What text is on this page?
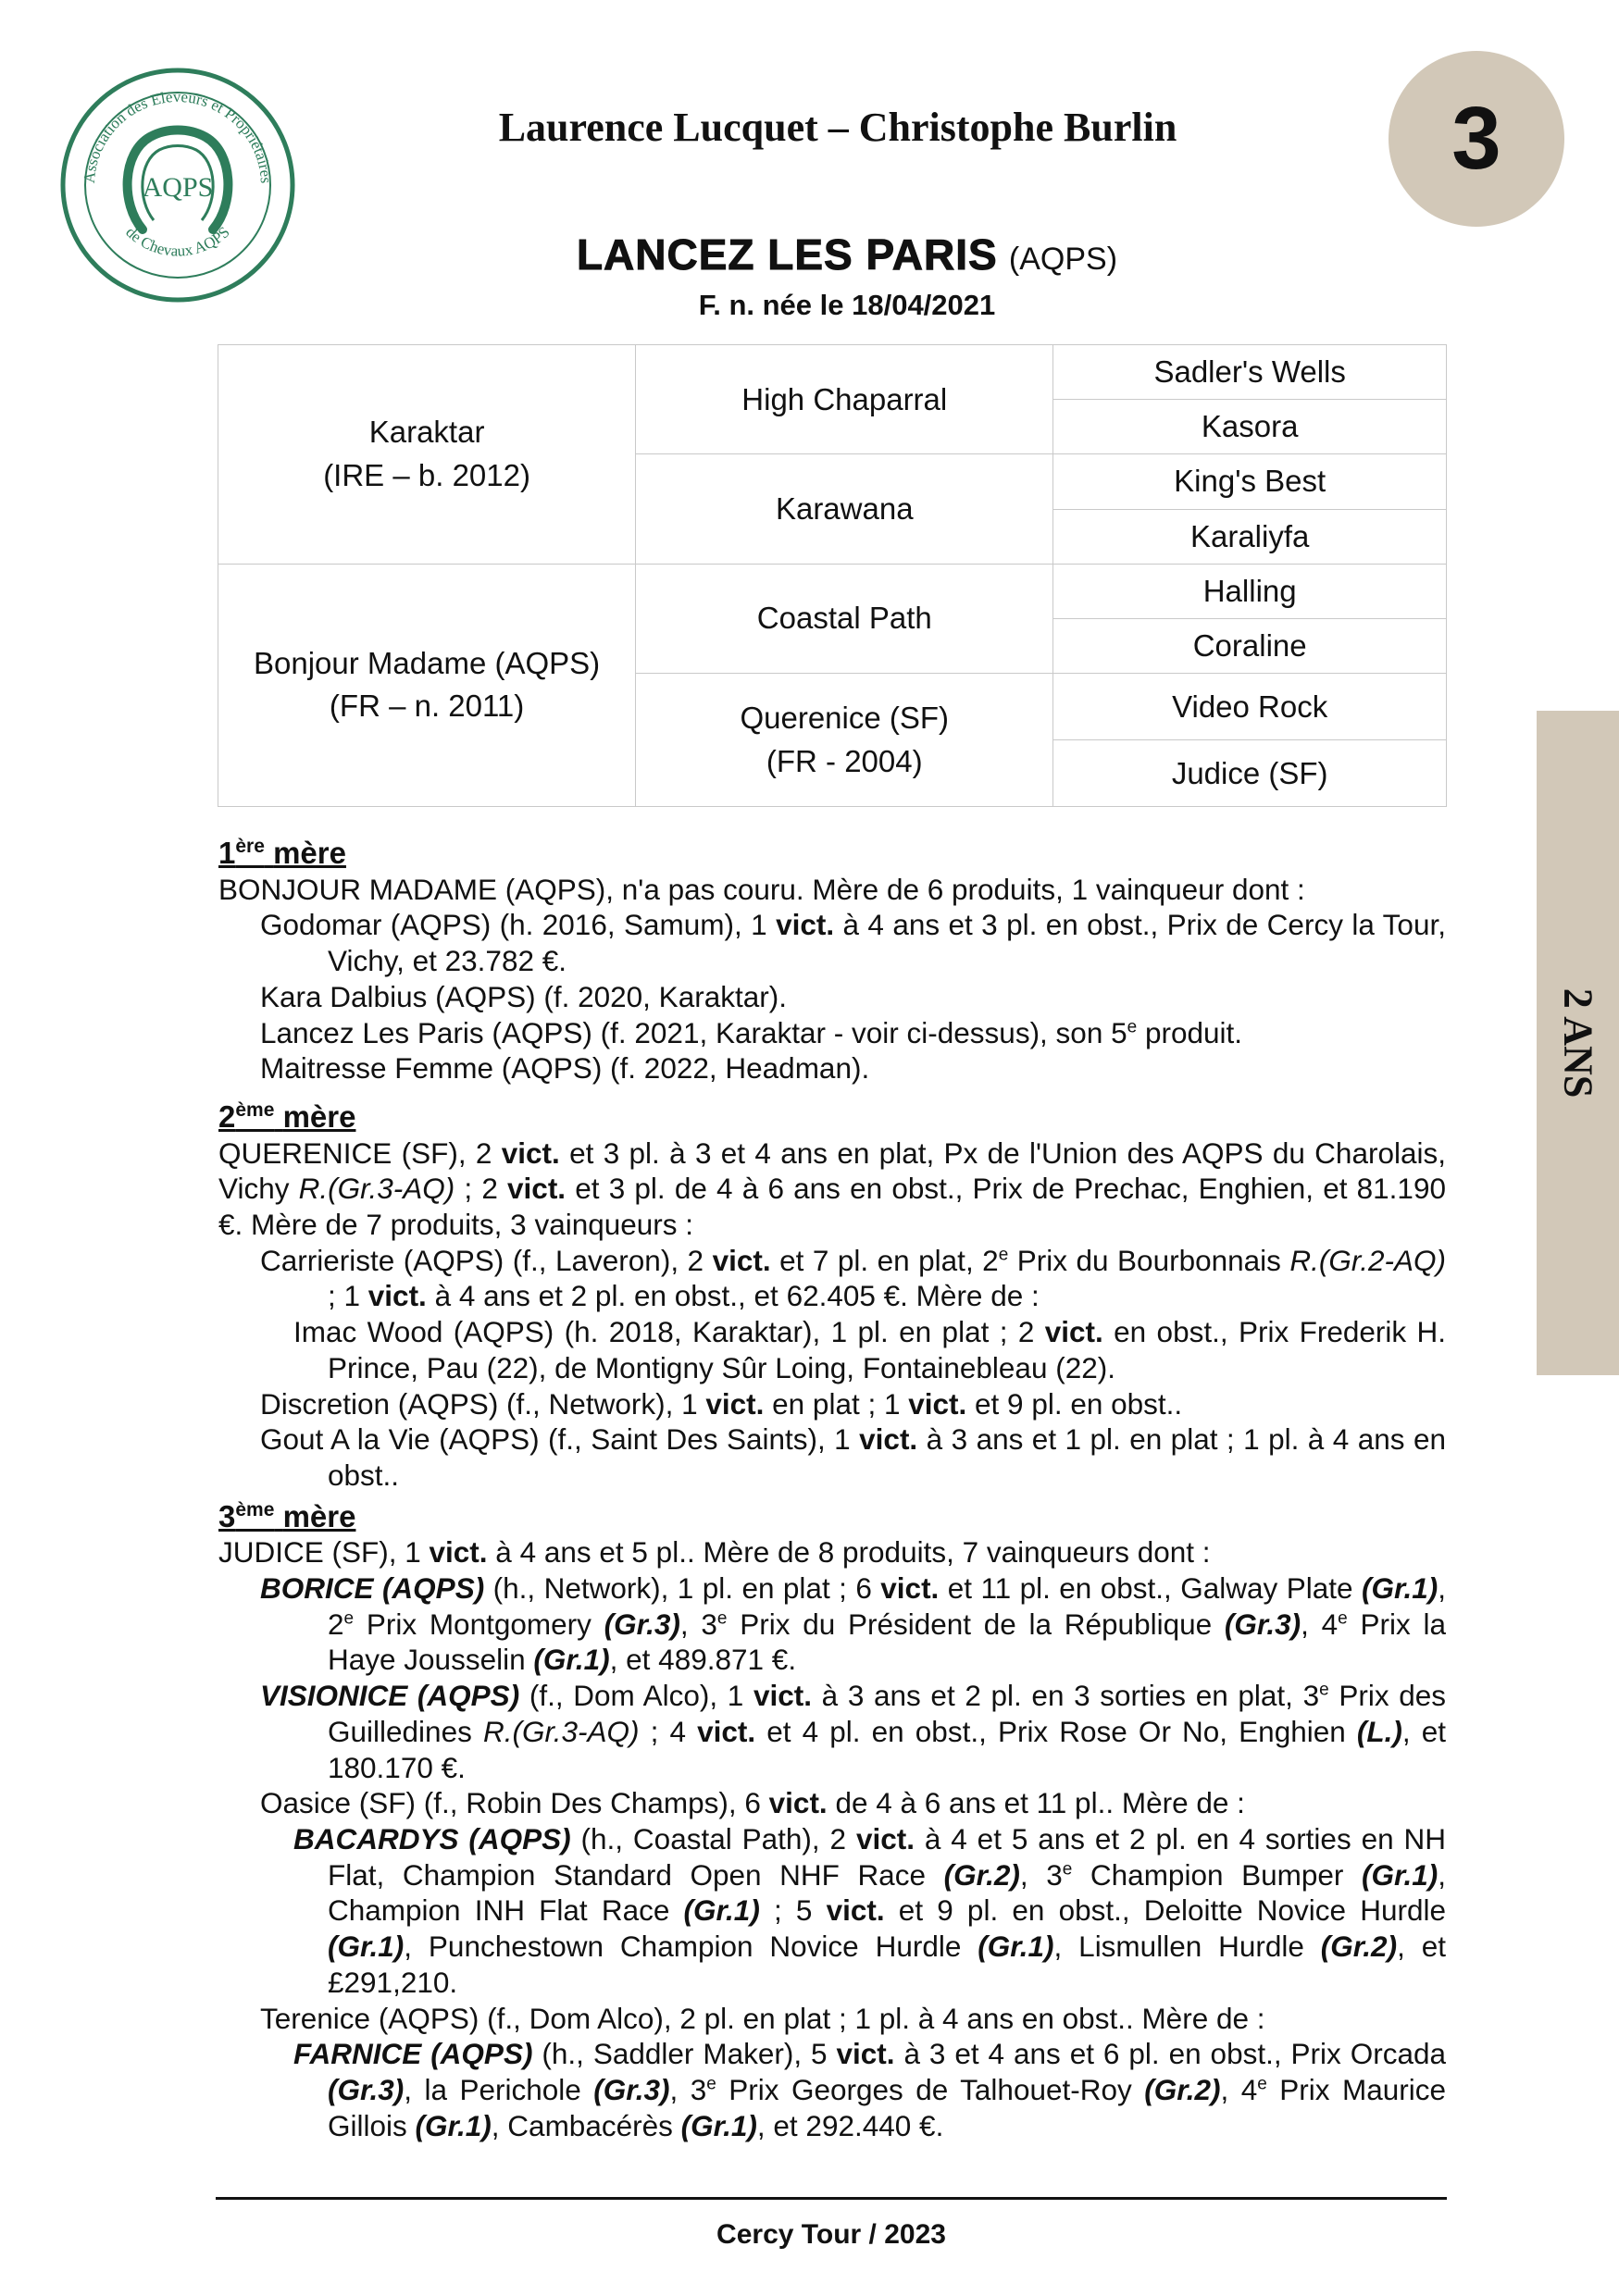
Association des Eleveurs et Propriétaires
de Chevaux AQPS
AQPS
Laurence Lucquet – Christophe Burlin	3
LANCEZ LES PARIS (AQPS)
F. n. née le 18/04/2021
Karaktar
(IRE – b. 2012)	High Chaparral	Sadler's Wells
		Kasora
	Karawana	King's Best
		Karaliyfa

Bonjour Madame (AQPS)
(FR – n. 2011)	Coastal Path	Halling
		Coraline

	Querenice (SF)
(FR - 2004)	Video Rock
		Judice (SF)
2 ANS

1ère mère

BONJOUR MADAME (AQPS), n'a pas couru. Mère de 6 produits, 1 vainqueur dont :

Godomar (AQPS) (h. 2016, Samum), 1 vict. à 4 ans et 3 pl. en obst., Prix de Cercy la Tour, Vichy, et 23.782 €.

Kara Dalbius (AQPS) (f. 2020, Karaktar).

Lancez Les Paris (AQPS) (f. 2021, Karaktar - voir ci-dessus), son 5e produit.

Maitresse Femme (AQPS) (f. 2022, Headman).

2ème mère

QUERENICE (SF), 2 vict. et 3 pl. à 3 et 4 ans en plat, Px de l'Union des AQPS du Charolais, Vichy R.(Gr.3-AQ) ; 2 vict. et 3 pl. de 4 à 6 ans en obst., Prix de Prechac, Enghien, et 81.190 €. Mère de 7 produits, 3 vainqueurs :

Carrieriste (AQPS) (f., Laveron), 2 vict. et 7 pl. en plat, 2e Prix du Bourbonnais R.(Gr.2-AQ) ; 1 vict. à 4 ans et 2 pl. en obst., et 62.405 €. Mère de :

Imac Wood (AQPS) (h. 2018, Karaktar), 1 pl. en plat ; 2 vict. en obst., Prix Frederik H. Prince, Pau (22), de Montigny Sûr Loing, Fontainebleau (22).

Discretion (AQPS) (f., Network), 1 vict. en plat ; 1 vict. et 9 pl. en obst..

Gout A la Vie (AQPS) (f., Saint Des Saints), 1 vict. à 3 ans et 1 pl. en plat ; 1 pl. à 4 ans en obst..

3ème mère

JUDICE (SF), 1 vict. à 4 ans et 5 pl.. Mère de 8 produits, 7 vainqueurs dont :

BORICE (AQPS) (h., Network), 1 pl. en plat ; 6 vict. et 11 pl. en obst., Galway Plate (Gr.1), 2e Prix Montgomery (Gr.3), 3e Prix du Président de la République (Gr.3), 4e Prix la Haye Jousselin (Gr.1), et 489.871 €.

VISIONICE (AQPS) (f., Dom Alco), 1 vict. à 3 ans et 2 pl. en 3 sorties en plat, 3e Prix des Guilledines R.(Gr.3-AQ) ; 4 vict. et 4 pl. en obst., Prix Rose Or No, Enghien (L.), et 180.170 €.

Oasice (SF) (f., Robin Des Champs), 6 vict. de 4 à 6 ans et 11 pl.. Mère de :

BACARDYS (AQPS) (h., Coastal Path), 2 vict. à 4 et 5 ans et 2 pl. en 4 sorties en NH Flat, Champion Standard Open NHF Race (Gr.2), 3e Champion Bumper (Gr.1), Champion INH Flat Race (Gr.1) ; 5 vict. et 9 pl. en obst., Deloitte Novice Hurdle (Gr.1), Punchestown Champion Novice Hurdle (Gr.1), Lismullen Hurdle (Gr.2), et £291,210.

Terenice (AQPS) (f., Dom Alco), 2 pl. en plat ; 1 pl. à 4 ans en obst.. Mère de :

FARNICE (AQPS) (h., Saddler Maker), 5 vict. à 3 et 4 ans et 6 pl. en obst., Prix Orcada (Gr.3), la Perichole (Gr.3), 3e Prix Georges de Talhouet-Roy (Gr.2), 4e Prix Maurice Gillois (Gr.1), Cambacérès (Gr.1), et 292.440 €.

Cercy Tour / 2023
